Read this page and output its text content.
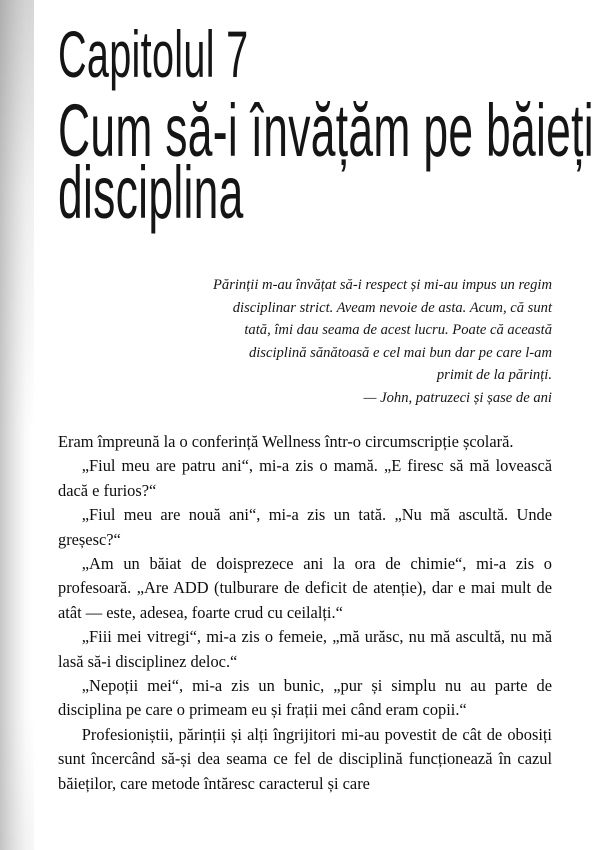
Capitolul 7
Cum să-i învățăm pe băieți
disciplina
Părinții m-au învățat să-i respect și mi-au impus un regim disciplinar strict. Aveam nevoie de asta. Acum, că sunt tată, îmi dau seama de acest lucru. Poate că această disciplină sănătoasă e cel mai bun dar pe care l-am primit de la părinți.
— John, patruzeci și șase de ani

Eram împreună la o conferință Wellness într-o circumscripție școlară.

„Fiul meu are patru ani“, mi-a zis o mamă. „E firesc să mă lovească dacă e furios?“

„Fiul meu are nouă ani“, mi-a zis un tată. „Nu mă ascultă. Unde greșesc?“

„Am un băiat de doisprezece ani la ora de chimie“, mi-a zis o profesoară. „Are ADD (tulburare de deficit de atenție), dar e mai mult de atât — este, adesea, foarte crud cu ceilalți.“

„Fiii mei vitregi“, mi-a zis o femeie, „mă urăsc, nu mă ascultă, nu mă lasă să-i disciplinez deloc.“

„Nepoții mei“, mi-a zis un bunic, „pur și simplu nu au parte de disciplina pe care o primeam eu și frații mei când eram copii.“

Profesioniștii, părinții și alți îngrijitori mi-au povestit de cât de obosiți sunt încercând să-și dea seama ce fel de disciplină funcționează în cazul băieților, care metode întăresc caracterul și care
